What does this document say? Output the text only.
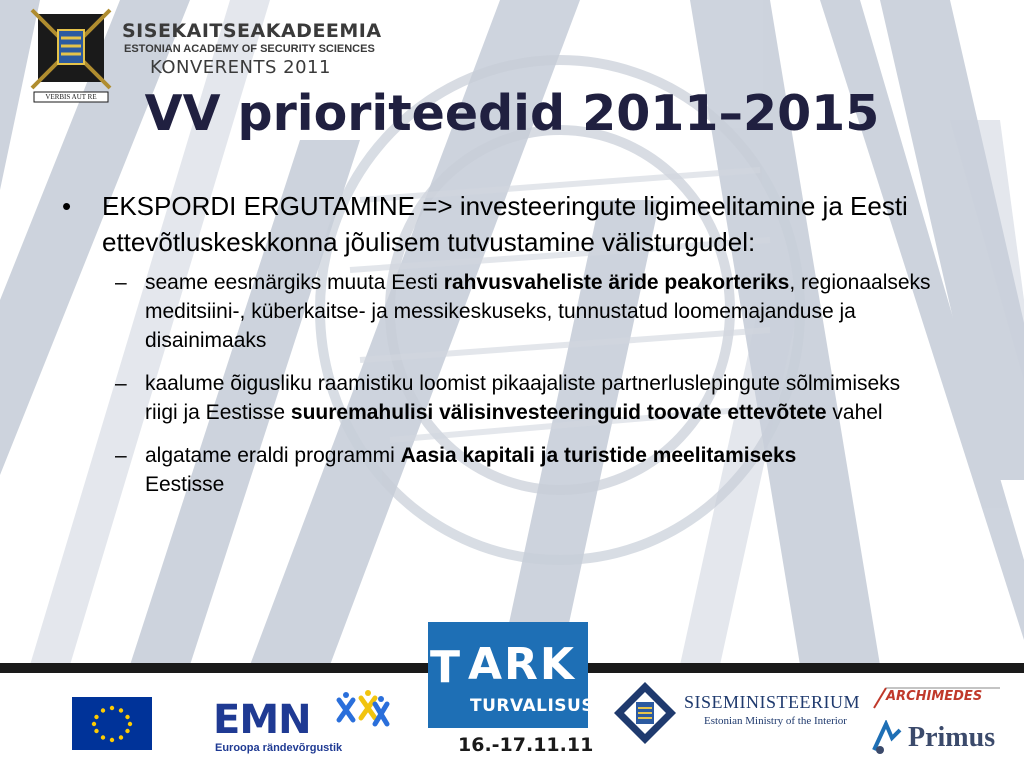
VERBIS AUT RE
SISEKAITSEAKADEEMIA
ESTONIAN ACADEMY OF SECURITY SCIENCES
KONVERENTS 2011
VV prioriteedid 2011–2015
•	EKSPORDI ERGUTAMINE => investeeringute ligimeelitamine ja Eesti ettevõtluskeskkonna jõulisem tutvustamine välisturgudel:
– seame eesmärgiks muuta Eesti rahvusvaheliste äride peakorteriks, regionaalseks meditsiini-, küberkaitse- ja messikeskuseks, tunnustatud loomemajanduse ja disainimaaks
– kaalume õigusliku raamistiku loomist pikaajaliste partnerluslepingute sõlmimiseks riigi ja Eestisse suuremahulisi välisinvesteeringuid toovate ettevõtete vahel
– algatame eraldi programmi Aasia kapitali ja turistide meelitamiseks Eestisse
EMN
Euroopa rändevõrgustik
T ARK
TURVALISUS
16.-17.11.11
SISEMINISTEERIUM
Estonian Ministry of the Interior
ARCHIMEDES
Primus
